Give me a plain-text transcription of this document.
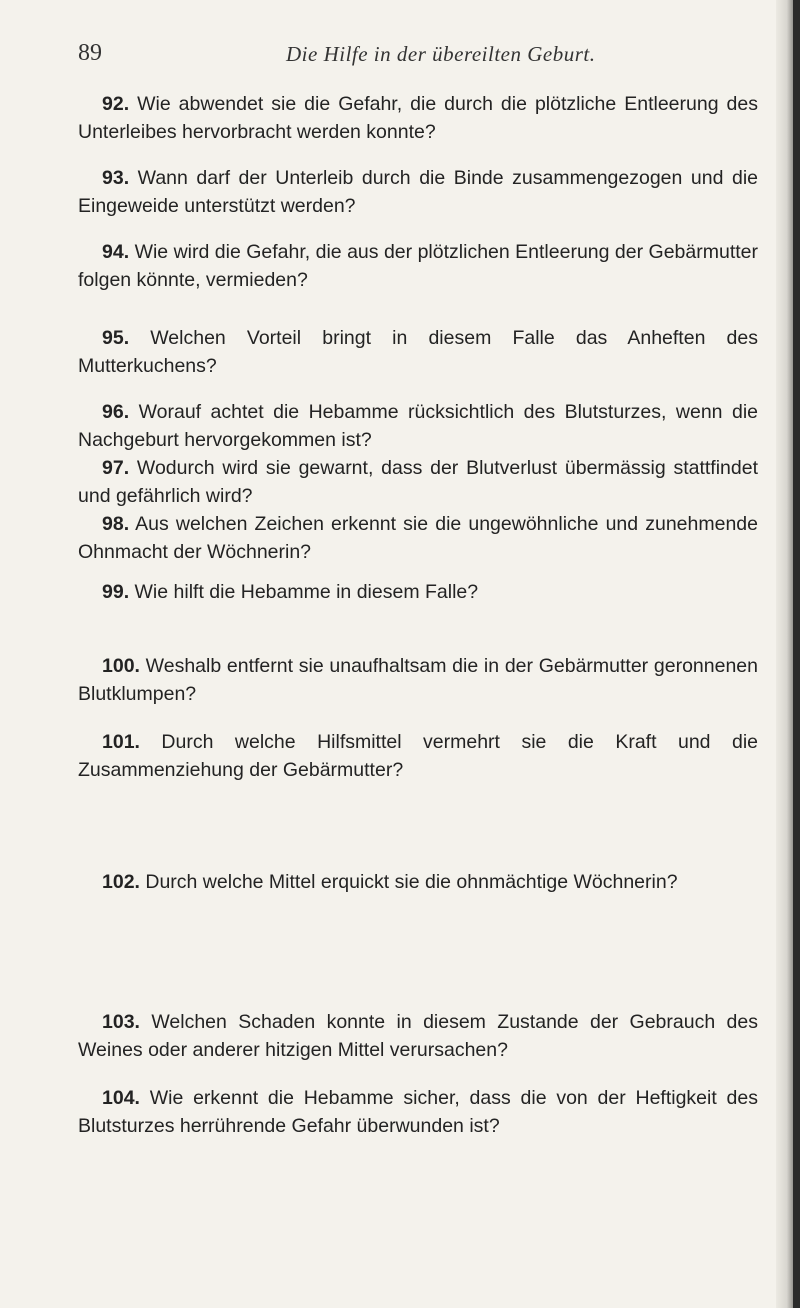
89	Die Hilfe in der übereilten Geburt.

92. Wie abwendet sie die Gefahr, die durch die plötzliche Entleerung des Unterleibes hervorbracht werden konnte?

93. Wann darf der Unterleib durch die Binde zusammengezogen und die Eingeweide unterstützt werden?

94. Wie wird die Gefahr, die aus der plötzlichen Entleerung der Gebärmutter folgen könnte, vermieden?

95. Welchen Vorteil bringt in diesem Falle das Anheften des Mutterkuchens?

96. Worauf achtet die Hebamme rücksichtlich des Blutsturzes, wenn die Nachgeburt hervorgekommen ist?

97. Wodurch wird sie gewarnt, dass der Blutverlust übermässig stattfindet und gefährlich wird?

98. Aus welchen Zeichen erkennt sie die ungewöhnliche und zunehmende Ohnmacht der Wöchnerin?

99. Wie hilft die Hebamme in diesem Falle?

100. Weshalb entfernt sie unaufhaltsam die in der Gebärmutter geronnenen Blutklumpen?

101. Durch welche Hilfsmittel vermehrt sie die Kraft und die Zusammenziehung der Gebärmutter?

102. Durch welche Mittel erquickt sie die ohnmächtige Wöchnerin?

103. Welchen Schaden konnte in diesem Zustande der Gebrauch des Weines oder anderer hitzigen Mittel verursachen?

104. Wie erkennt die Hebamme sicher, dass die von der Heftigkeit des Blutsturzes herrührende Gefahr überwunden ist?
